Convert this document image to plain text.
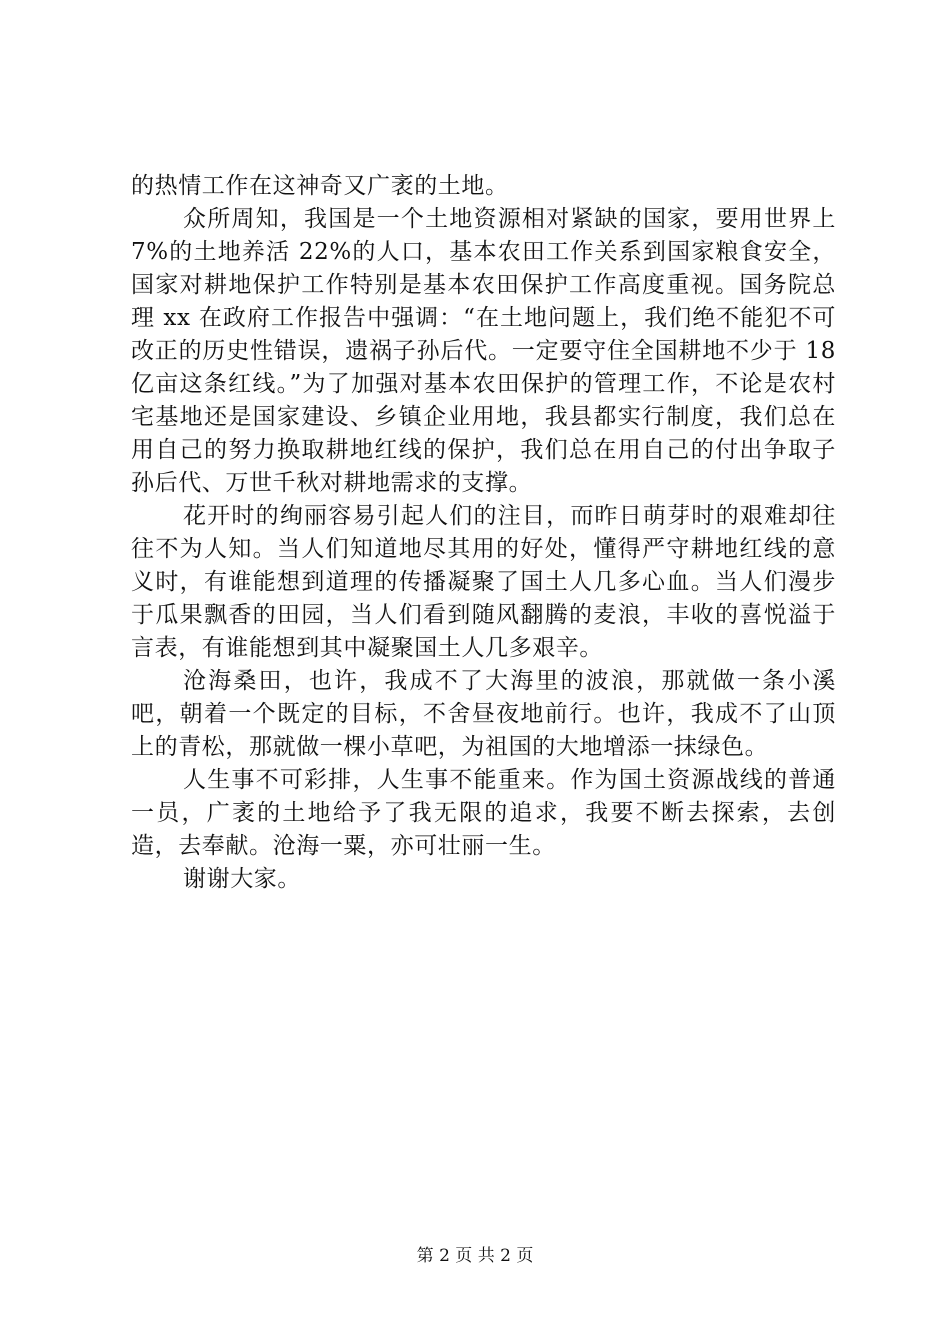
的热情工作在这神奇又广袤的土地。

众所周知，我国是一个土地资源相对紧缺的国家，要用世界上 7%的土地养活 22%的人口，基本农田工作关系到国家粮食安全，国家对耕地保护工作特别是基本农田保护工作高度重视。国务院总理 xx 在政府工作报告中强调：“在土地问题上，我们绝不能犯不可改正的历史性错误，遗祸子孙后代。一定要守住全国耕地不少于 18 亿亩这条红线。”为了加强对基本农田保护的管理工作，不论是农村宅基地还是国家建设、乡镇企业用地，我县都实行制度，我们总在用自己的努力换取耕地红线的保护，我们总在用自己的付出争取子孙后代、万世千秋对耕地需求的支撑。

花开时的绚丽容易引起人们的注目，而昨日萌芽时的艰难却往往不为人知。当人们知道地尽其用的好处，懂得严守耕地红线的意义时，有谁能想到道理的传播凝聚了国土人几多心血。当人们漫步于瓜果飘香的田园，当人们看到随风翻腾的麦浪，丰收的喜悦溢于言表，有谁能想到其中凝聚国土人几多艰辛。

沧海桑田，也许，我成不了大海里的波浪，那就做一条小溪吧，朝着一个既定的目标，不舍昼夜地前行。也许，我成不了山顶上的青松，那就做一棵小草吧，为祖国的大地增添一抹绿色。

人生事不可彩排，人生事不能重来。作为国土资源战线的普通一员，广袤的土地给予了我无限的追求，我要不断去探索，去创造，去奉献。沧海一粟，亦可壮丽一生。

谢谢大家。

第 2 页 共 2 页
